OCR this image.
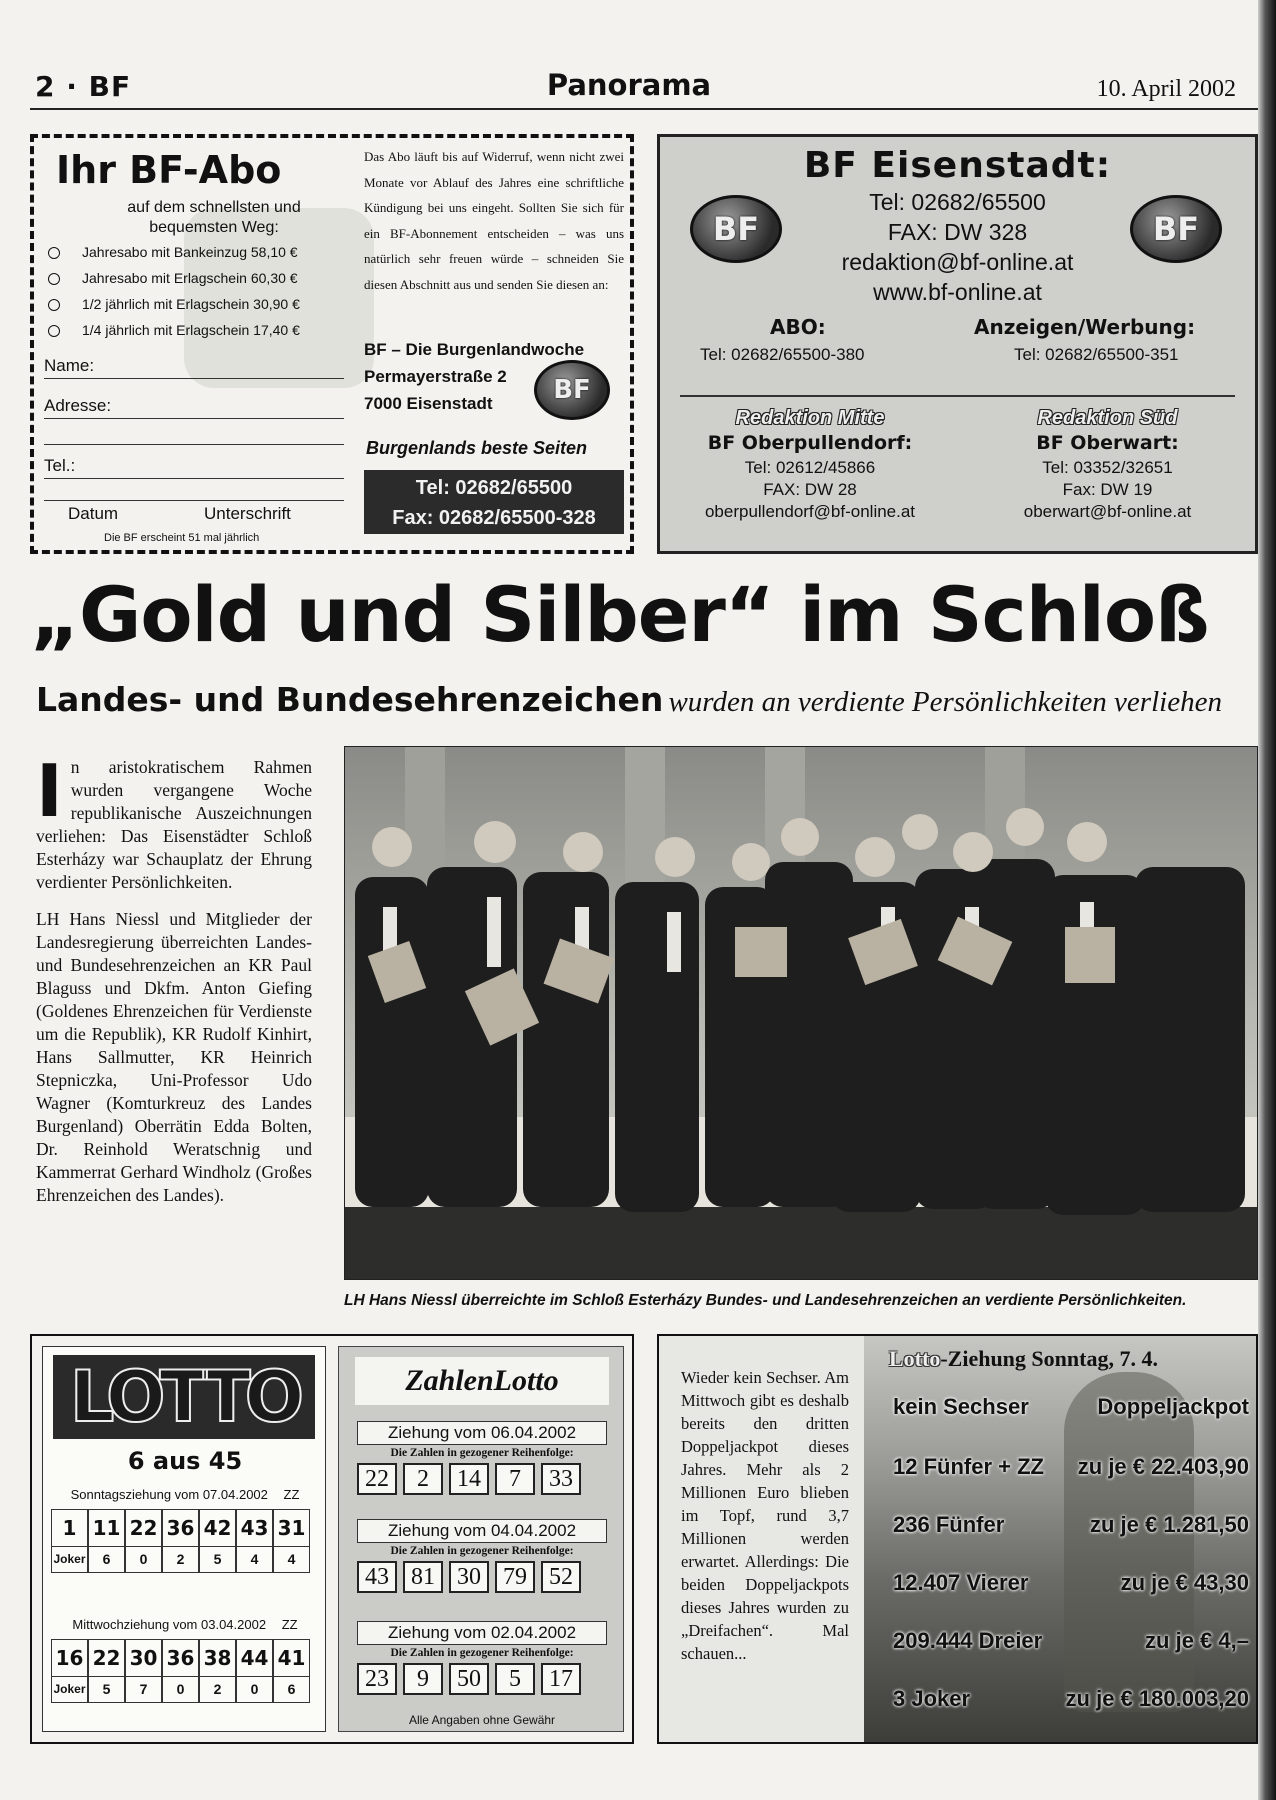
2 · BF	Panorama	10. April 2002
Ihr BF-Abo
auf dem schnellsten und bequemsten Weg:
Jahresabo mit Bankeinzug 58,10 €
Jahresabo mit Erlagschein 60,30 €
1/2 jährlich mit Erlagschein 30,90 €
1/4 jährlich mit Erlagschein 17,40 €
Name:
Adresse:
Tel.:
Datum	Unterschrift
Die BF erscheint 51 mal jährlich
Das Abo läuft bis auf Widerruf, wenn nicht zwei Monate vor Ablauf des Jahres eine schriftliche Kündigung bei uns eingeht. Sollten Sie sich für ein BF-Abonnement entscheiden – was uns natürlich sehr freuen würde – schneiden Sie diesen Abschnitt aus und senden Sie diesen an:
BF – Die Burgenlandwoche
Permayerstraße 2
7000 Eisenstadt	BF
Burgenlands beste Seiten
Tel: 02682/65500
Fax: 02682/65500-328
BF Eisenstadt:
BF	BF
Tel: 02682/65500
FAX: DW 328
redaktion@bf-online.at
www.bf-online.at
ABO:
Tel: 02682/65500-380
Anzeigen/Werbung:
Tel: 02682/65500-351
Redaktion Mitte
BF Oberpullendorf:
Tel: 02612/45866
FAX: DW 28
oberpullendorf@bf-online.at
Redaktion Süd
BF Oberwart:
Tel: 03352/32651
Fax: DW 19
oberwart@bf-online.at
„Gold und Silber“ im Schloß
Landes- und Bundesehrenzeichen wurden an verdiente Persönlichkeiten verliehen

In aristokratischem Rahmen wurden vergangene Woche republikanische Auszeichnungen verliehen: Das Eisenstädter Schloß Esterházy war Schauplatz der Ehrung verdienter Persönlichkeiten.

LH Hans Niessl und Mitglieder der Landesregierung überreichten Landes- und Bundesehrenzeichen an KR Paul Blaguss und Dkfm. Anton Giefing (Goldenes Ehrenzeichen für Verdienste um die Republik), KR Rudolf Kinhirt, Hans Sallmutter, KR Heinrich Stepniczka, Uni-Professor Udo Wagner (Komturkreuz des Landes Burgenland) Oberrätin Edda Bolten, Dr. Reinhold Weratschnig und Kammerrat Gerhard Windholz (Großes Ehrenzeichen des Landes).

LH Hans Niessl überreichte im Schloß Esterházy Bundes- und Landesehrenzeichen an verdiente Persönlichkeiten.
LOTTO
6 aus 45
Sonntagsziehung vom 07.04.2002 ZZ
1 11 22 36 42 43 31
Joker	6	0	2	5	4	4
Mittwochziehung vom 03.04.2002 ZZ
16 22 30 36 38 44 41
Joker	5	7	0	2	0	6
ZahlenLotto
Ziehung vom 06.04.2002
Die Zahlen in gezogener Reihenfolge:
22	2	14	7	33
Ziehung vom 04.04.2002
Die Zahlen in gezogener Reihenfolge:
43 81 30 79 52
Ziehung vom 02.04.2002
Die Zahlen in gezogener Reihenfolge:
23	9	50	5	17
Alle Angaben ohne Gewähr
Wieder kein Sechser. Am Mittwoch gibt es deshalb bereits den dritten Doppeljackpot dieses Jahres. Mehr als 2 Millionen Euro blieben im Topf, rund 3,7 Millionen werden erwartet. Allerdings: Die beiden Doppeljackpots dieses Jahres wurden zu „Dreifachen“. Mal schauen...
Lotto-Ziehung Sonntag, 7. 4.
kein Sechser	Doppeljackpot
12 Fünfer + ZZ zu je € 22.403,90
236 Fünfer	zu je € 1.281,50
12.407 Vierer	zu je € 43,30
209.444 Dreier	zu je € 4,–
3 Joker	zu je € 180.003,20
